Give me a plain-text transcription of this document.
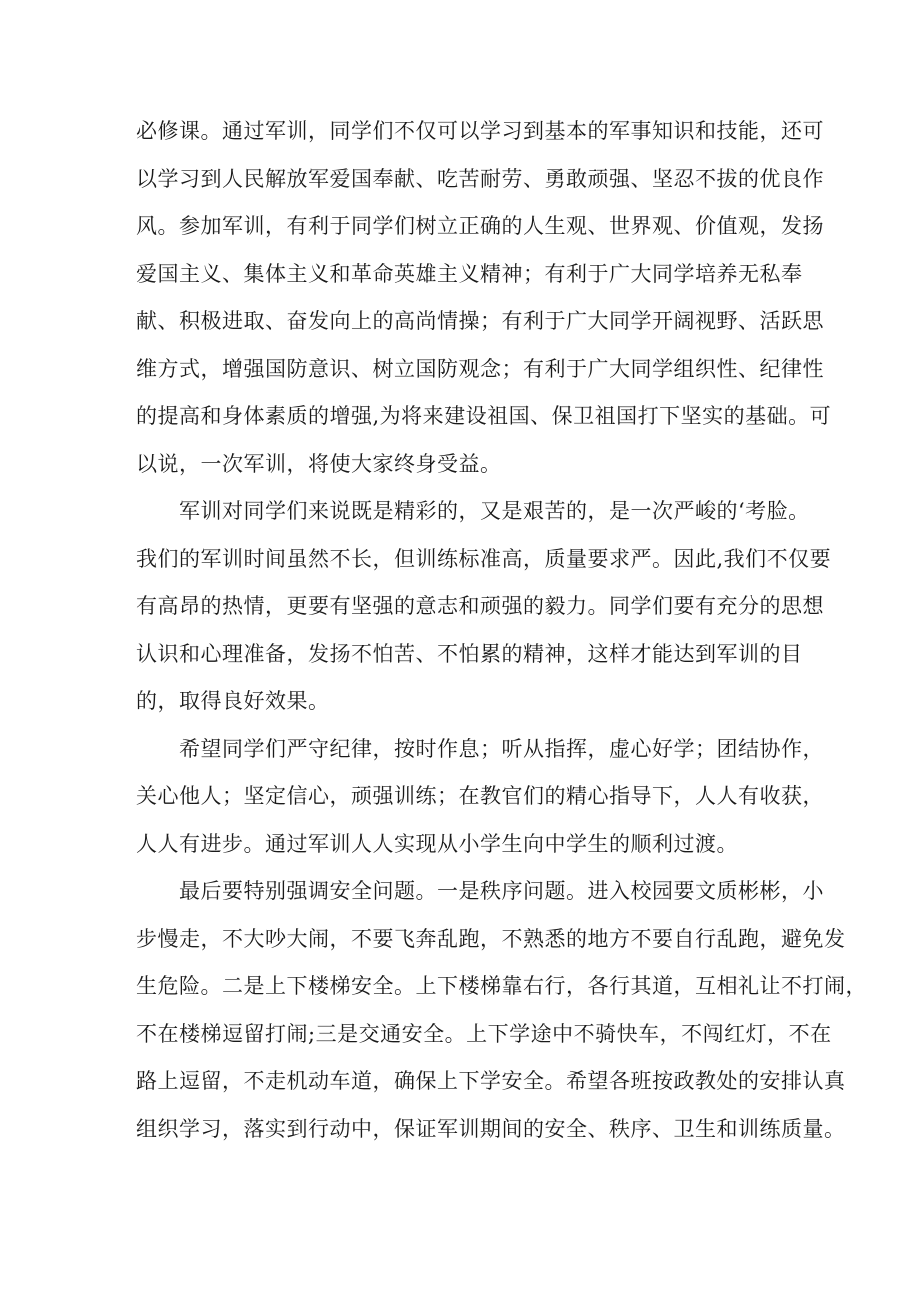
必修课。通过军训，同学们不仅可以学习到基本的军事知识和技能，还可
以学习到人民解放军爱国奉献、吃苦耐劳、勇敢顽强、坚忍不拔的优良作
风。参加军训，有利于同学们树立正确的人生观、世界观、价值观，发扬
爱国主义、集体主义和革命英雄主义精神；有利于广大同学培养无私奉
献、积极进取、奋发向上的高尚情操；有利于广大同学开阔视野、活跃思
维方式，增强国防意识、树立国防观念；有利于广大同学组织性、纪律性
的提高和身体素质的增强,为将来建设祖国、保卫祖国打下坚实的基础。可
以说，一次军训，将使大家终身受益。
　　军训对同学们来说既是精彩的，又是艰苦的，是一次严峻的‘考脸。
我们的军训时间虽然不长，但训练标准高，质量要求严。因此,我们不仅要
有高昂的热情，更要有坚强的意志和顽强的毅力。同学们要有充分的思想
认识和心理准备，发扬不怕苦、不怕累的精神，这样才能达到军训的目
的，取得良好效果。
　　希望同学们严守纪律，按时作息；听从指挥，虚心好学；团结协作，
关心他人；坚定信心，顽强训练；在教官们的精心指导下，人人有收获，
人人有进步。通过军训人人实现从小学生向中学生的顺利过渡。
　　最后要特别强调安全问题。一是秩序问题。进入校园要文质彬彬，小
步慢走，不大吵大闹，不要飞奔乱跑，不熟悉的地方不要自行乱跑，避免发
生危险。二是上下楼梯安全。上下楼梯靠右行，各行其道，互相礼让不打闹，
不在楼梯逗留打闹;三是交通安全。上下学途中不骑快车，不闯红灯，不在
路上逗留，不走机动车道，确保上下学安全。希望各班按政教处的安排认真
组织学习，落实到行动中，保证军训期间的安全、秩序、卫生和训练质量。
